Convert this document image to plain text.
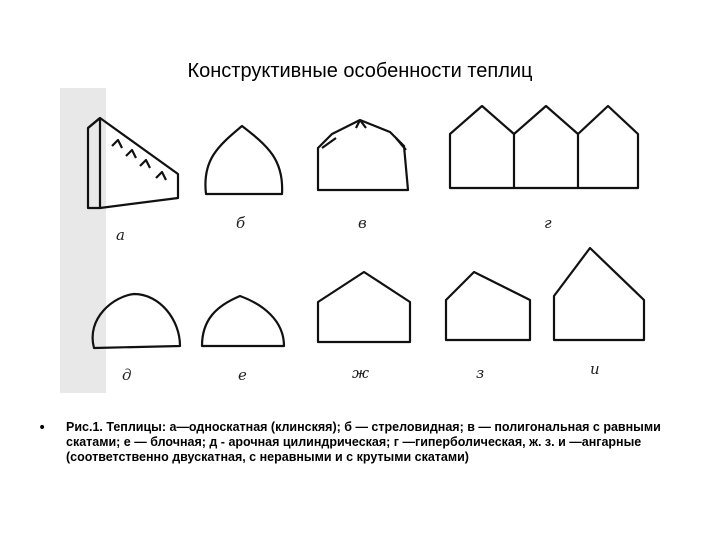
Конструктивные особенности теплиц
а
б	в	г
д	е	ж	з	и
•	Рис.1. Теплицы: а—односкатная (клинскяя); б — стреловидная; в — полигональная с равными скатами; е — блочная; д - арочная цилиндрическая; г —гиперболическая, ж. з. и —ангарные (соответственно двускатная, с неравными и с крутыми скатами)
